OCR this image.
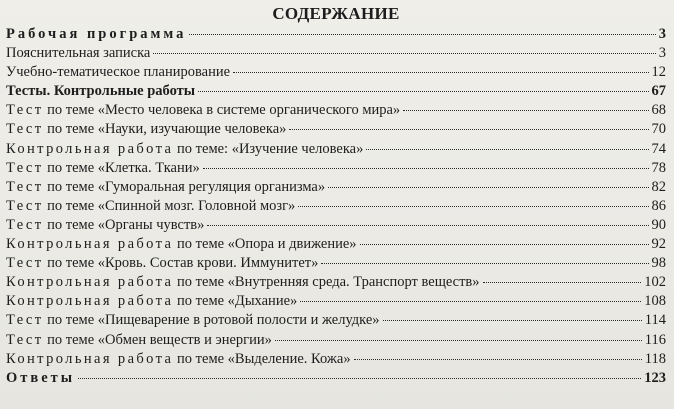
СОДЕРЖАНИЕ
Рабочая программа	3
Пояснительная записка	3
Учебно-тематическое планирование	12
Тесты. Контрольные работы	67
Тест по теме «Место человека в системе органического мира»	68
Тест по теме «Науки, изучающие человека»	70
Контрольная работа по теме: «Изучение человека»	74
Тест по теме «Клетка. Ткани»	78
Тест по теме «Гуморальная регуляция организма»	82
Тест по теме «Спинной мозг. Головной мозг»	86
Тест по теме «Органы чувств»	90
Контрольная работа по теме «Опора и движение»	92
Тест по теме «Кровь. Состав крови. Иммунитет»	98
Контрольная работа по теме «Внутренняя среда. Транспорт веществ»	102
Контрольная работа по теме «Дыхание»	108
Тест по теме «Пищеварение в ротовой полости и желудке»	114
Тест по теме «Обмен веществ и энергии»	116
Контрольная работа по теме «Выделение. Кожа»	118
Ответы	123
